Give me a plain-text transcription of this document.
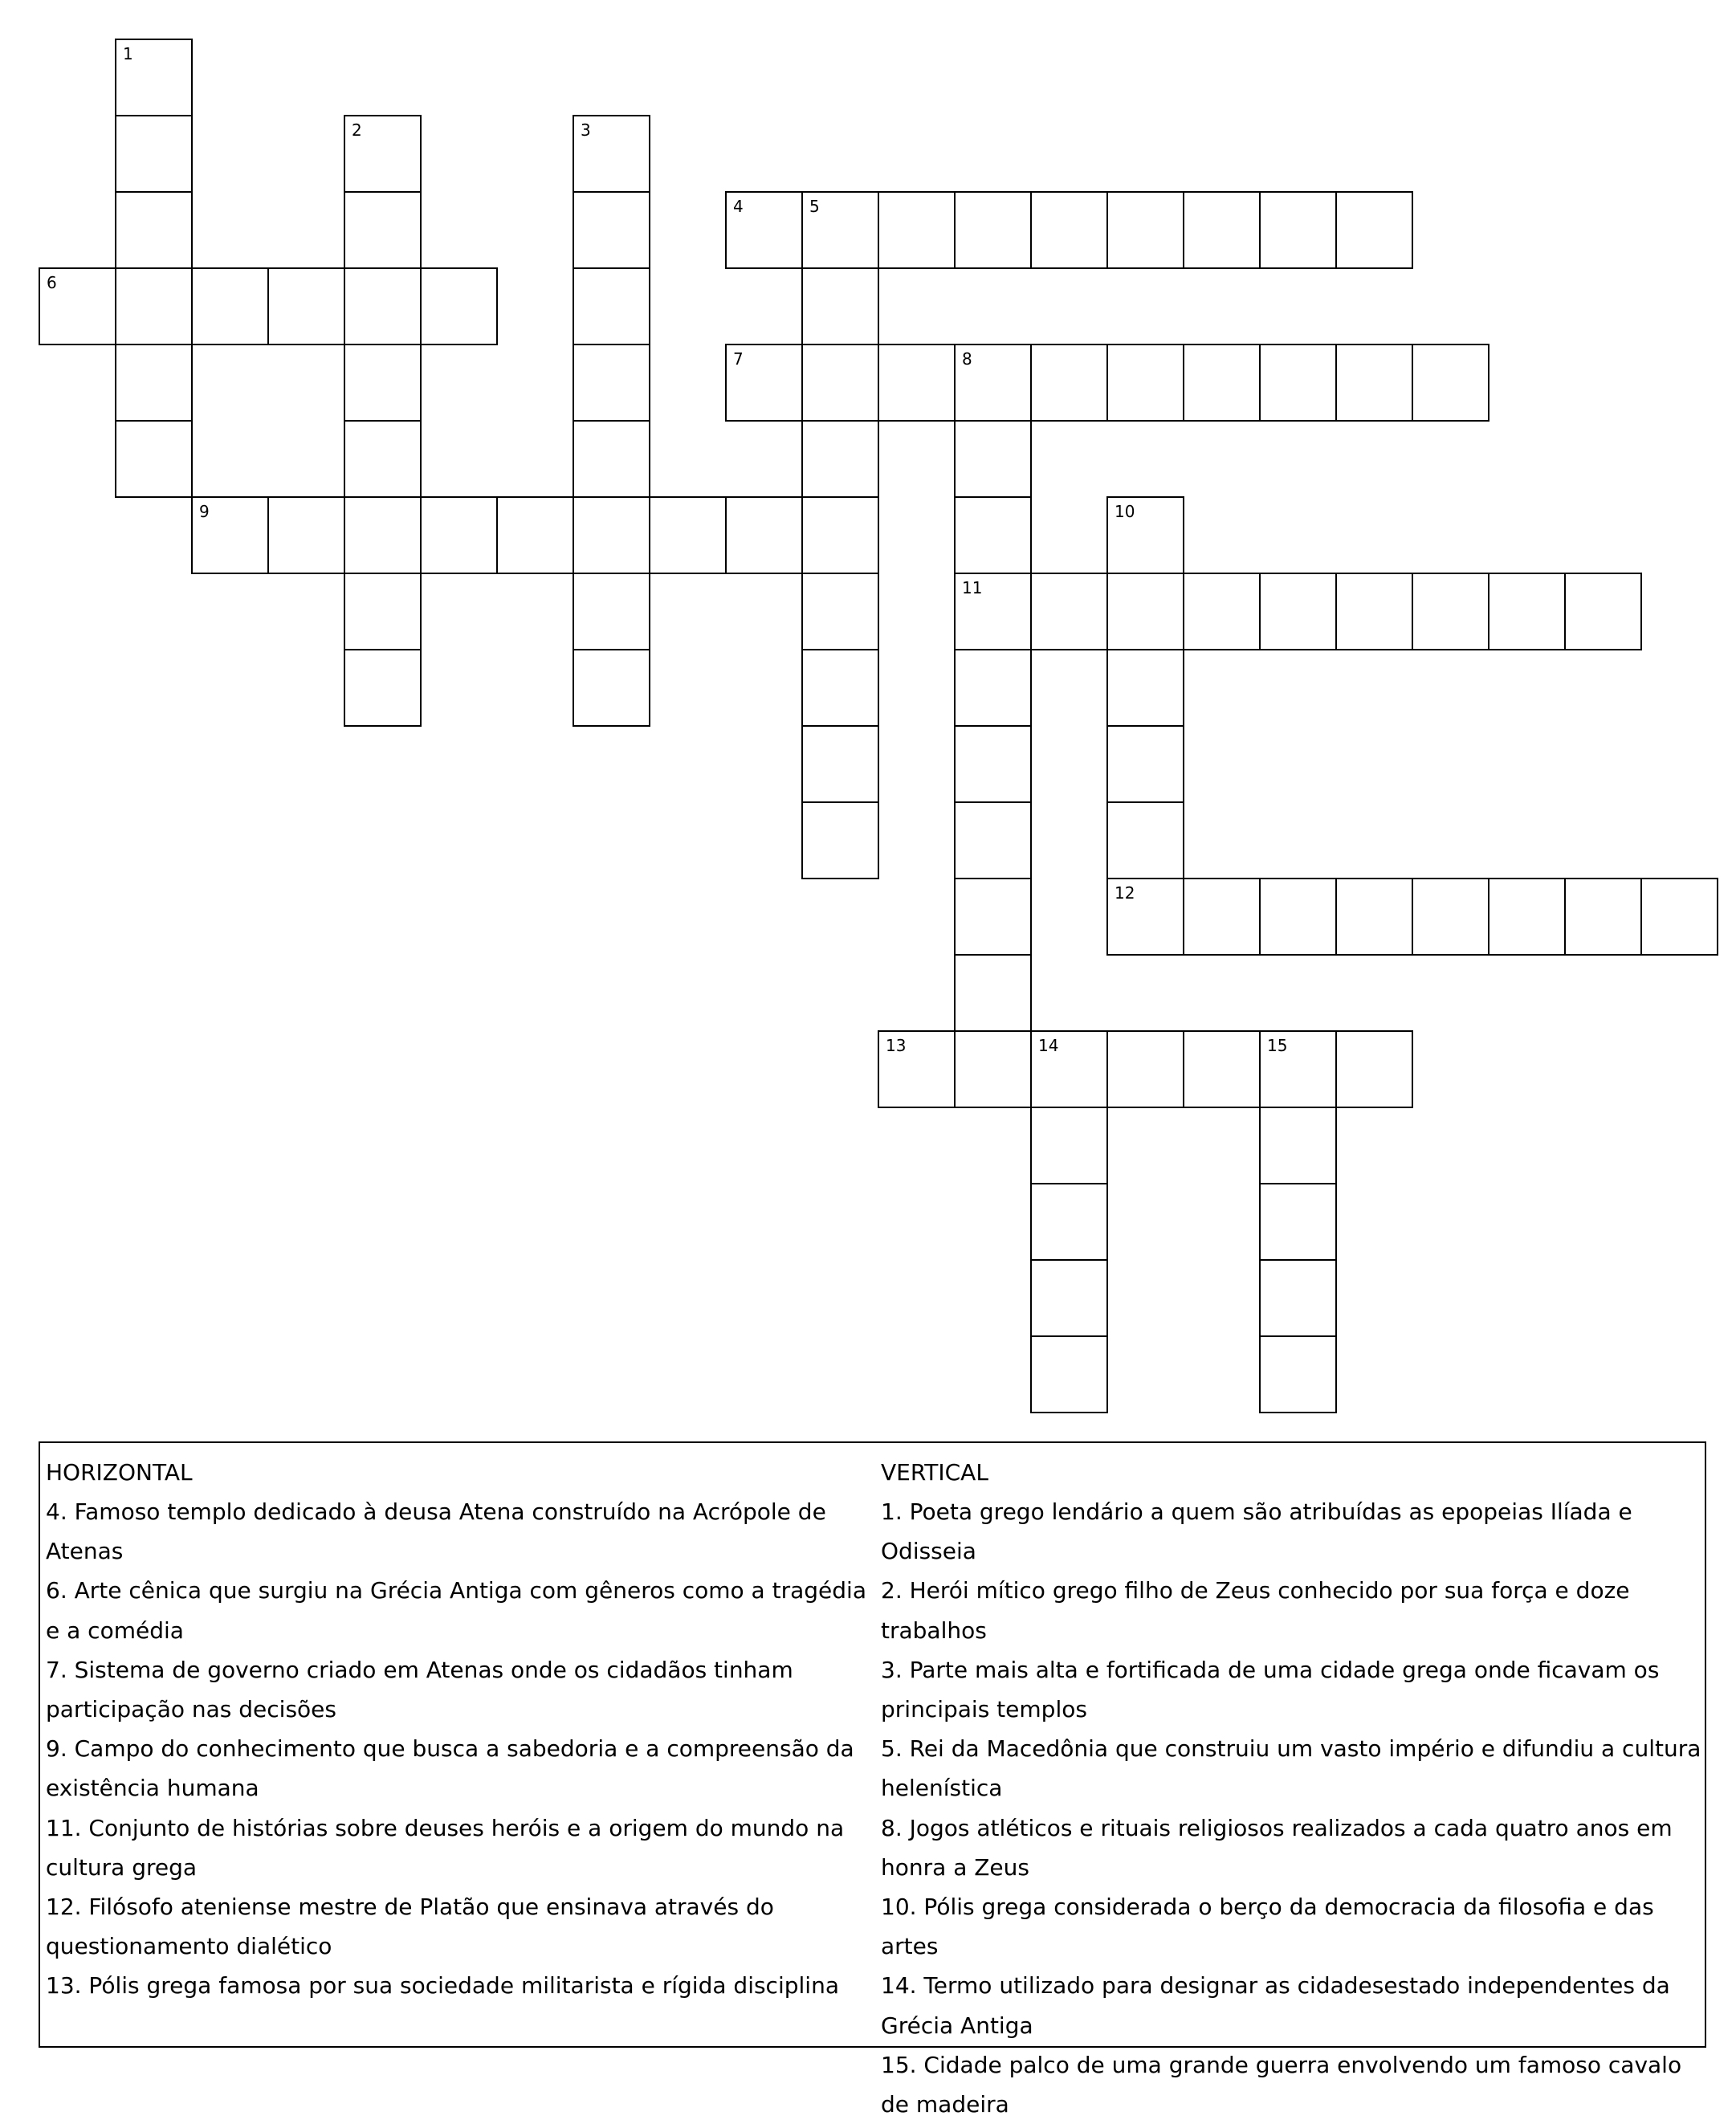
1
2	3
4	5
6
7	8
11
9	10
12
13	14	15
HORIZONTAL

4. Famoso templo dedicado à deusa Atena construído na Acrópole de Atenas

6. Arte cênica que surgiu na Grécia Antiga com gêneros como a tragédia e a comédia

7. Sistema de governo criado em Atenas onde os cidadãos tinham participação nas decisões

9. Campo do conhecimento que busca a sabedoria e a compreensão da existência humana

11. Conjunto de histórias sobre deuses heróis e a origem do mundo na cultura grega

12. Filósofo ateniense mestre de Platão que ensinava através do questionamento dialético

13. Pólis grega famosa por sua sociedade militarista e rígida disciplina

VERTICAL

1. Poeta grego lendário a quem são atribuídas as epopeias Ilíada e Odisseia

2. Herói mítico grego filho de Zeus conhecido por sua força e doze trabalhos

3. Parte mais alta e fortificada de uma cidade grega onde ficavam os principais templos

5. Rei da Macedônia que construiu um vasto império e difundiu a cultura helenística

8. Jogos atléticos e rituais religiosos realizados a cada quatro anos em honra a Zeus

10. Pólis grega considerada o berço da democracia da filosofia e das artes

14. Termo utilizado para designar as cidadesestado independentes da Grécia Antiga

15. Cidade palco de uma grande guerra envolvendo um famoso cavalo de madeira
